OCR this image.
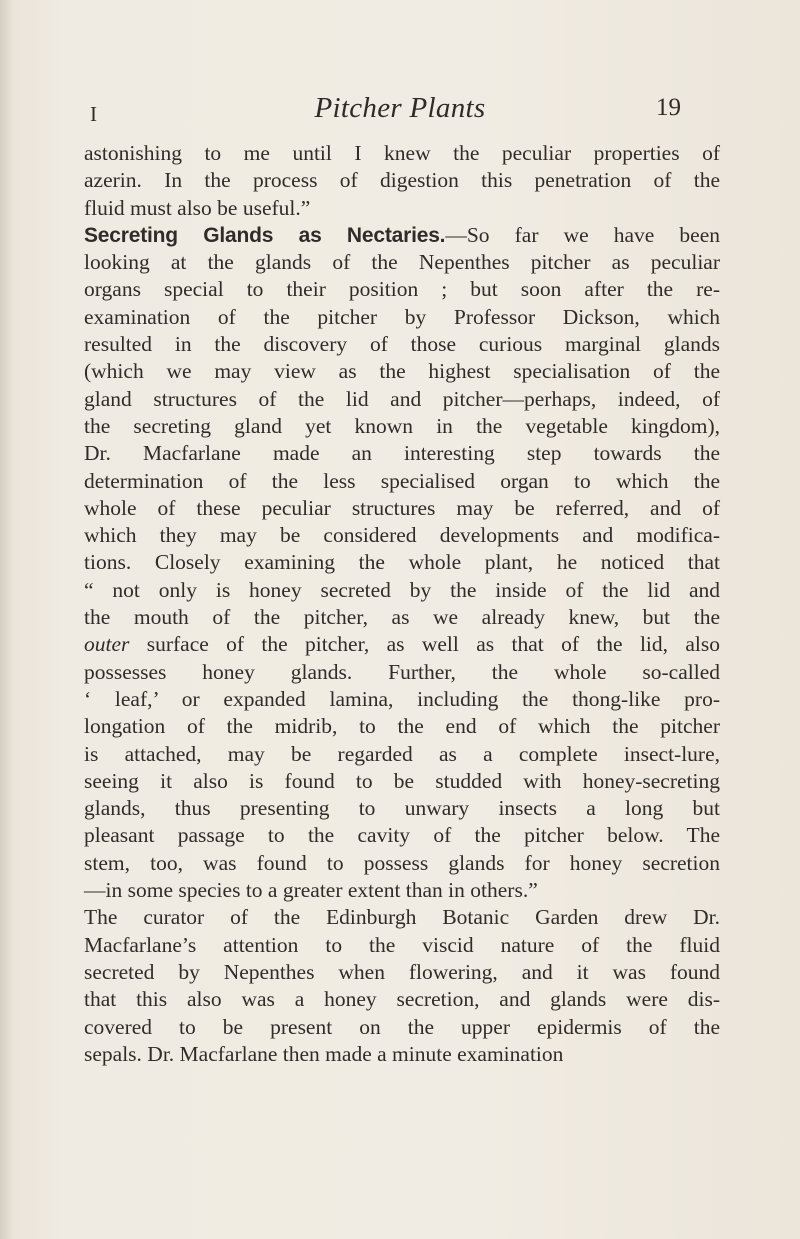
I	Pitcher Plants	19
astonishing to me until I knew the peculiar properties of
azerin. In the process of digestion this penetration of the
fluid must also be useful.”
Secreting Glands as Nectaries.—So far we have been
looking at the glands of the Nepenthes pitcher as peculiar
organs special to their position ; but soon after the re-
examination of the pitcher by Professor Dickson, which
resulted in the discovery of those curious marginal glands
(which we may view as the highest specialisation of the
gland structures of the lid and pitcher—perhaps, indeed, of
the secreting gland yet known in the vegetable kingdom),
Dr. Macfarlane made an interesting step towards the
determination of the less specialised organ to which the
whole of these peculiar structures may be referred, and of
which they may be considered developments and modifica-
tions. Closely examining the whole plant, he noticed that
“ not only is honey secreted by the inside of the lid and
the mouth of the pitcher, as we already knew, but the
outer surface of the pitcher, as well as that of the lid, also
possesses honey glands. Further, the whole so-called
‘ leaf,’ or expanded lamina, including the thong-like pro-
longation of the midrib, to the end of which the pitcher
is attached, may be regarded as a complete insect-lure,
seeing it also is found to be studded with honey-secreting
glands, thus presenting to unwary insects a long but
pleasant passage to the cavity of the pitcher below. The
stem, too, was found to possess glands for honey secretion
—in some species to a greater extent than in others.”
The curator of the Edinburgh Botanic Garden drew Dr.
Macfarlane’s attention to the viscid nature of the fluid
secreted by Nepenthes when flowering, and it was found
that this also was a honey secretion, and glands were dis-
covered to be present on the upper epidermis of the
sepals. Dr. Macfarlane then made a minute examination
